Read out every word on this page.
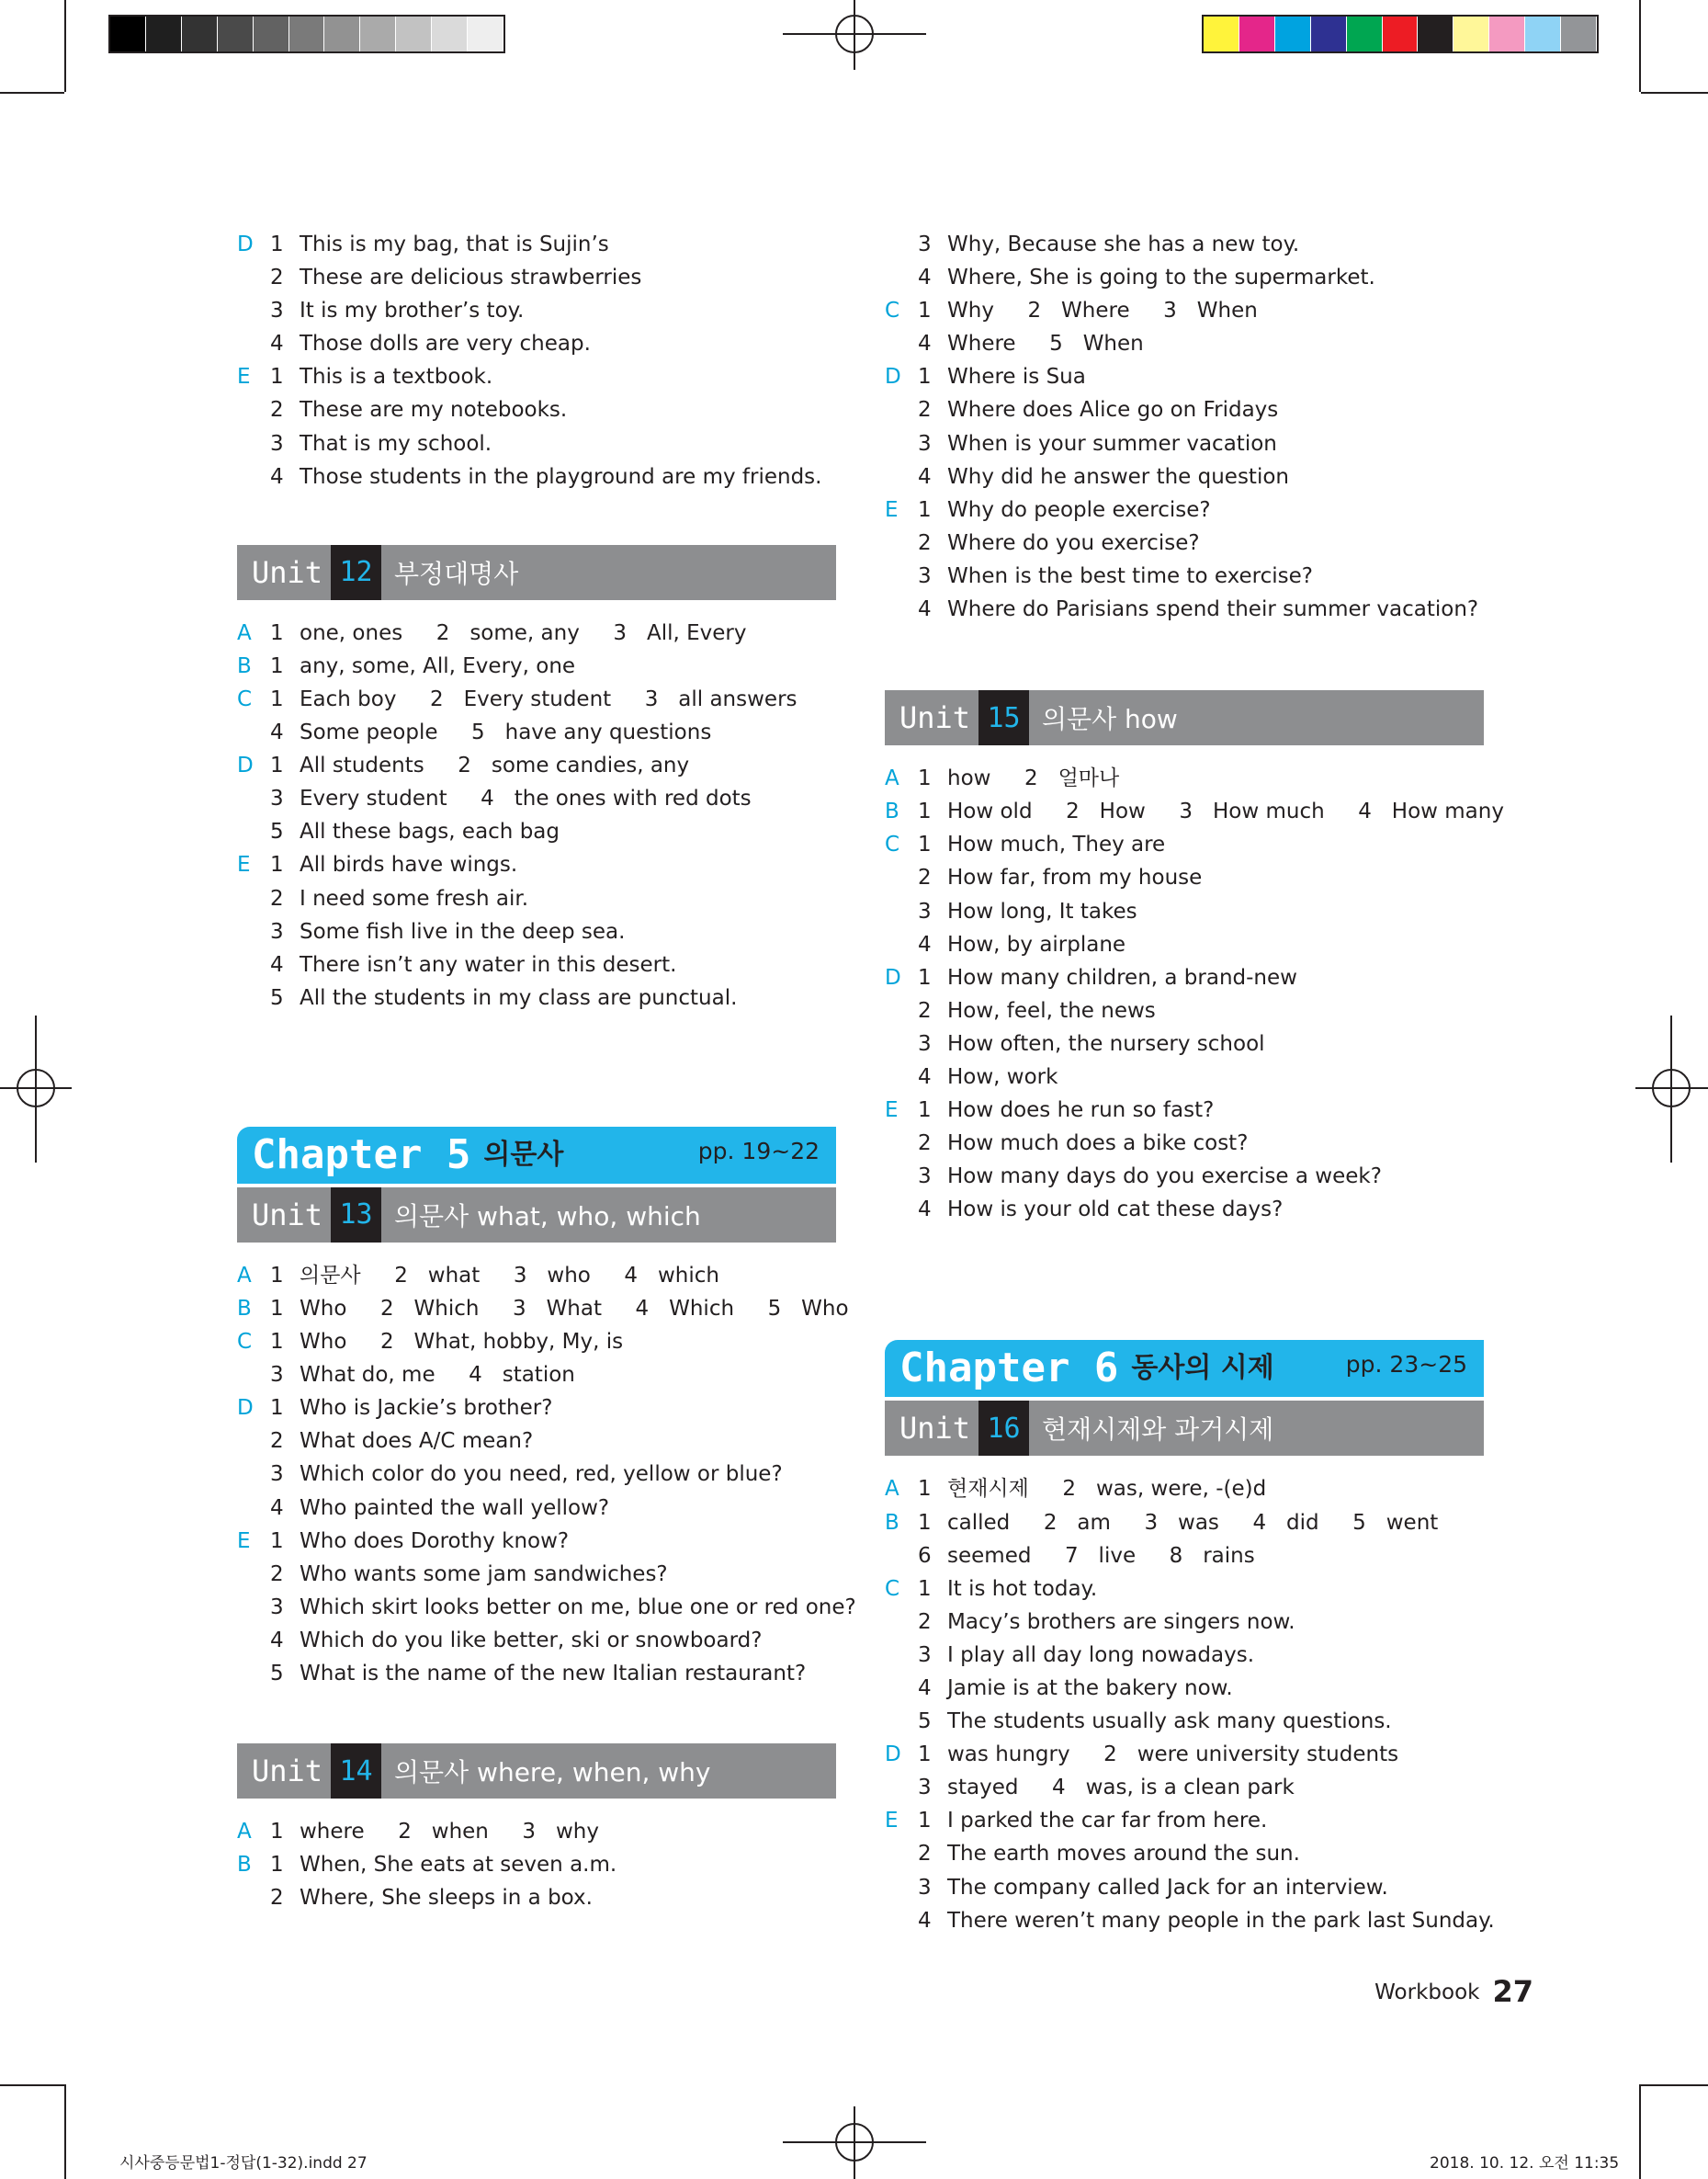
D 1 This is my bag, that is Sujin’s
2 These are delicious strawberries
3 It is my brother’s toy.
4 Those dolls are very cheap.
E 1 This is a textbook.
2 These are my notebooks.
3 That is my school.
4 Those students in the playground are my friends.
Unit 12 부정대명사
A 1 one, ones     2   some, any     3   All, Every
B 1 any, some, All, Every, one
C 1 Each boy     2   Every student     3   all answers
4 Some people     5   have any questions
D 1 All students     2   some candies, any
3 Every student     4   the ones with red dots
5 All these bags, each bag
E 1 All birds have wings.
2 I need some fresh air.
3 Some fish live in the deep sea.
4 There isn’t any water in this desert.
5 All the students in my class are punctual.
Chapter 5 의문사	pp. 19~22
Unit 13 의문사 what, who, which
A 1 의문사     2   what     3   who     4   which
B 1 Who     2   Which     3   What     4   Which     5   Who
C 1 Who     2   What, hobby, My, is
3 What do, me     4   station
D 1 Who is Jackie’s brother?
2 What does A/C mean?
3 Which color do you need, red, yellow or blue?
4 Who painted the wall yellow?
E 1 Who does Dorothy know?
2 Who wants some jam sandwiches?
3 Which skirt looks better on me, blue one or red one?
4 Which do you like better, ski or snowboard?
5 What is the name of the new Italian restaurant?
Unit 14 의문사 where, when, why
A 1 where     2   when     3   why
B 1 When, She eats at seven a.m.
2 Where, She sleeps in a box.
3 Why, Because she has a new toy.
4 Where, She is going to the supermarket.
C 1 Why     2   Where     3   When
4 Where     5   When
D 1 Where is Sua
2 Where does Alice go on Fridays
3 When is your summer vacation
4 Why did he answer the question
E 1 Why do people exercise?
2 Where do you exercise?
3 When is the best time to exercise?
4 Where do Parisians spend their summer vacation?
Unit 15 의문사 how
A 1 how     2   얼마나
B 1 How old     2   How     3   How much     4   How many
C 1 How much, They are
2 How far, from my house
3 How long, It takes
4 How, by airplane
D 1 How many children, a brand-new
2 How, feel, the news
3 How often, the nursery school
4 How, work
E 1 How does he run so fast?
2 How much does a bike cost?
3 How many days do you exercise a week?
4 How is your old cat these days?
Chapter 6 동사의 시제	pp. 23~25
Unit 16 현재시제와 과거시제
A 1 현재시제     2   was, were, -(e)d
B 1 called     2   am     3   was     4   did     5   went
6 seemed     7   live     8   rains
C 1 It is hot today.
2 Macy’s brothers are singers now.
3 I play all day long nowadays.
4 Jamie is at the bakery now.
5 The students usually ask many questions.
D 1 was hungry     2   were university students
3 stayed     4   was, is a clean park
E 1 I parked the car far from here.
2 The earth moves around the sun.
3 The company called Jack for an interview.
4 There weren’t many people in the park last Sunday.
Workbook 27
시사중등문법1-정답(1-32).indd 27	2018. 10. 12. 오전 11:35
